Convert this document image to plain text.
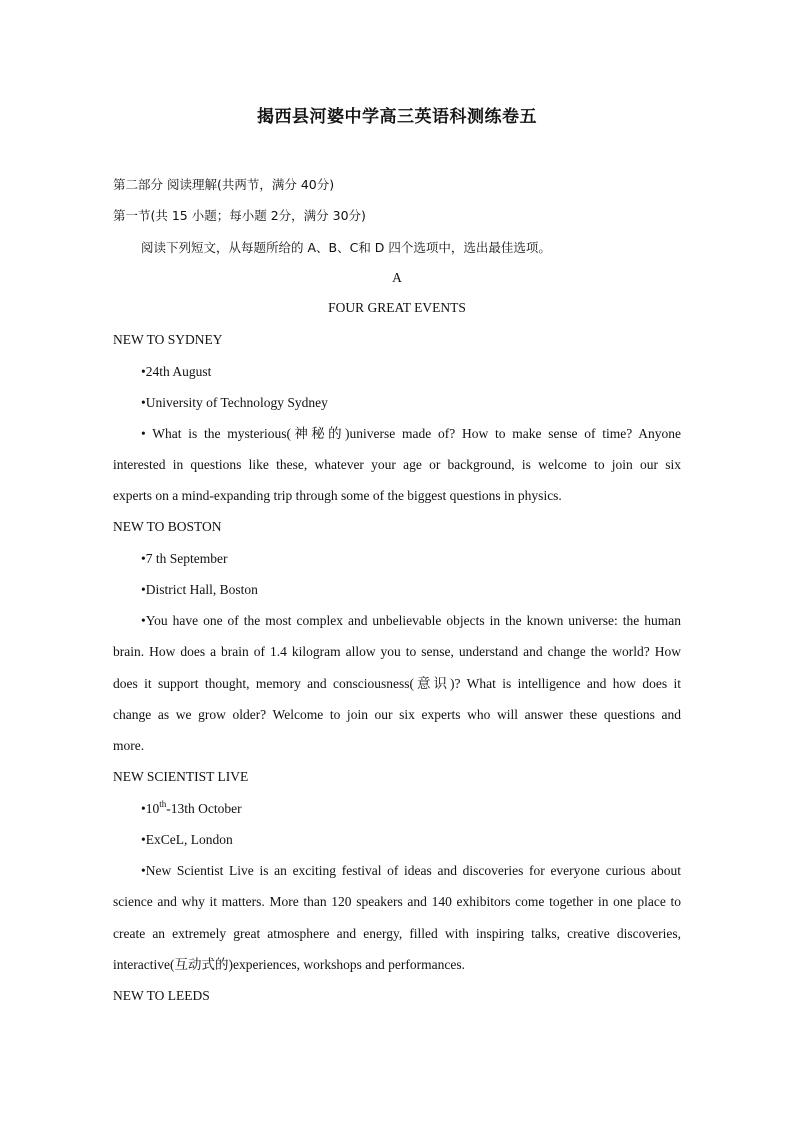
揭西县河婆中学高三英语科测练卷五
第二部分 阅读理解(共两节，满分 40分)
第一节(共 15 小题；每小题 2分，满分 30分)
阅读下列短文，从每题所给的 A、B、C和 D 四个选项中，选出最佳选项。
A
FOUR GREAT EVENTS
NEW TO SYDNEY
•24th August
•University of Technology Sydney
• What is the mysterious(神秘的)universe made of? How to make sense of time? Anyone
interested in questions like these, whatever your age or background, is welcome to join our six
experts on a mind-expanding trip through some of the biggest questions in physics.
NEW TO BOSTON
•7 th September
•District Hall, Boston
•You have one of the most complex and unbelievable objects in the known universe: the human
brain. How does a brain of 1.4 kilogram allow you to sense, understand and change the world? How
does it support thought, memory and consciousness(意识)? What is intelligence and how does it
change as we grow older? Welcome to join our six experts who will answer these questions and
more.
NEW SCIENTIST LIVE
•10th-13th October
•ExCeL, London
•New Scientist Live is an exciting festival of ideas and discoveries for everyone curious about
science and why it matters. More than 120 speakers and 140 exhibitors come together in one place to
create an extremely great atmosphere and energy, filled with inspiring talks, creative discoveries,
interactive(互动式的)experiences, workshops and performances.
NEW TO LEEDS
